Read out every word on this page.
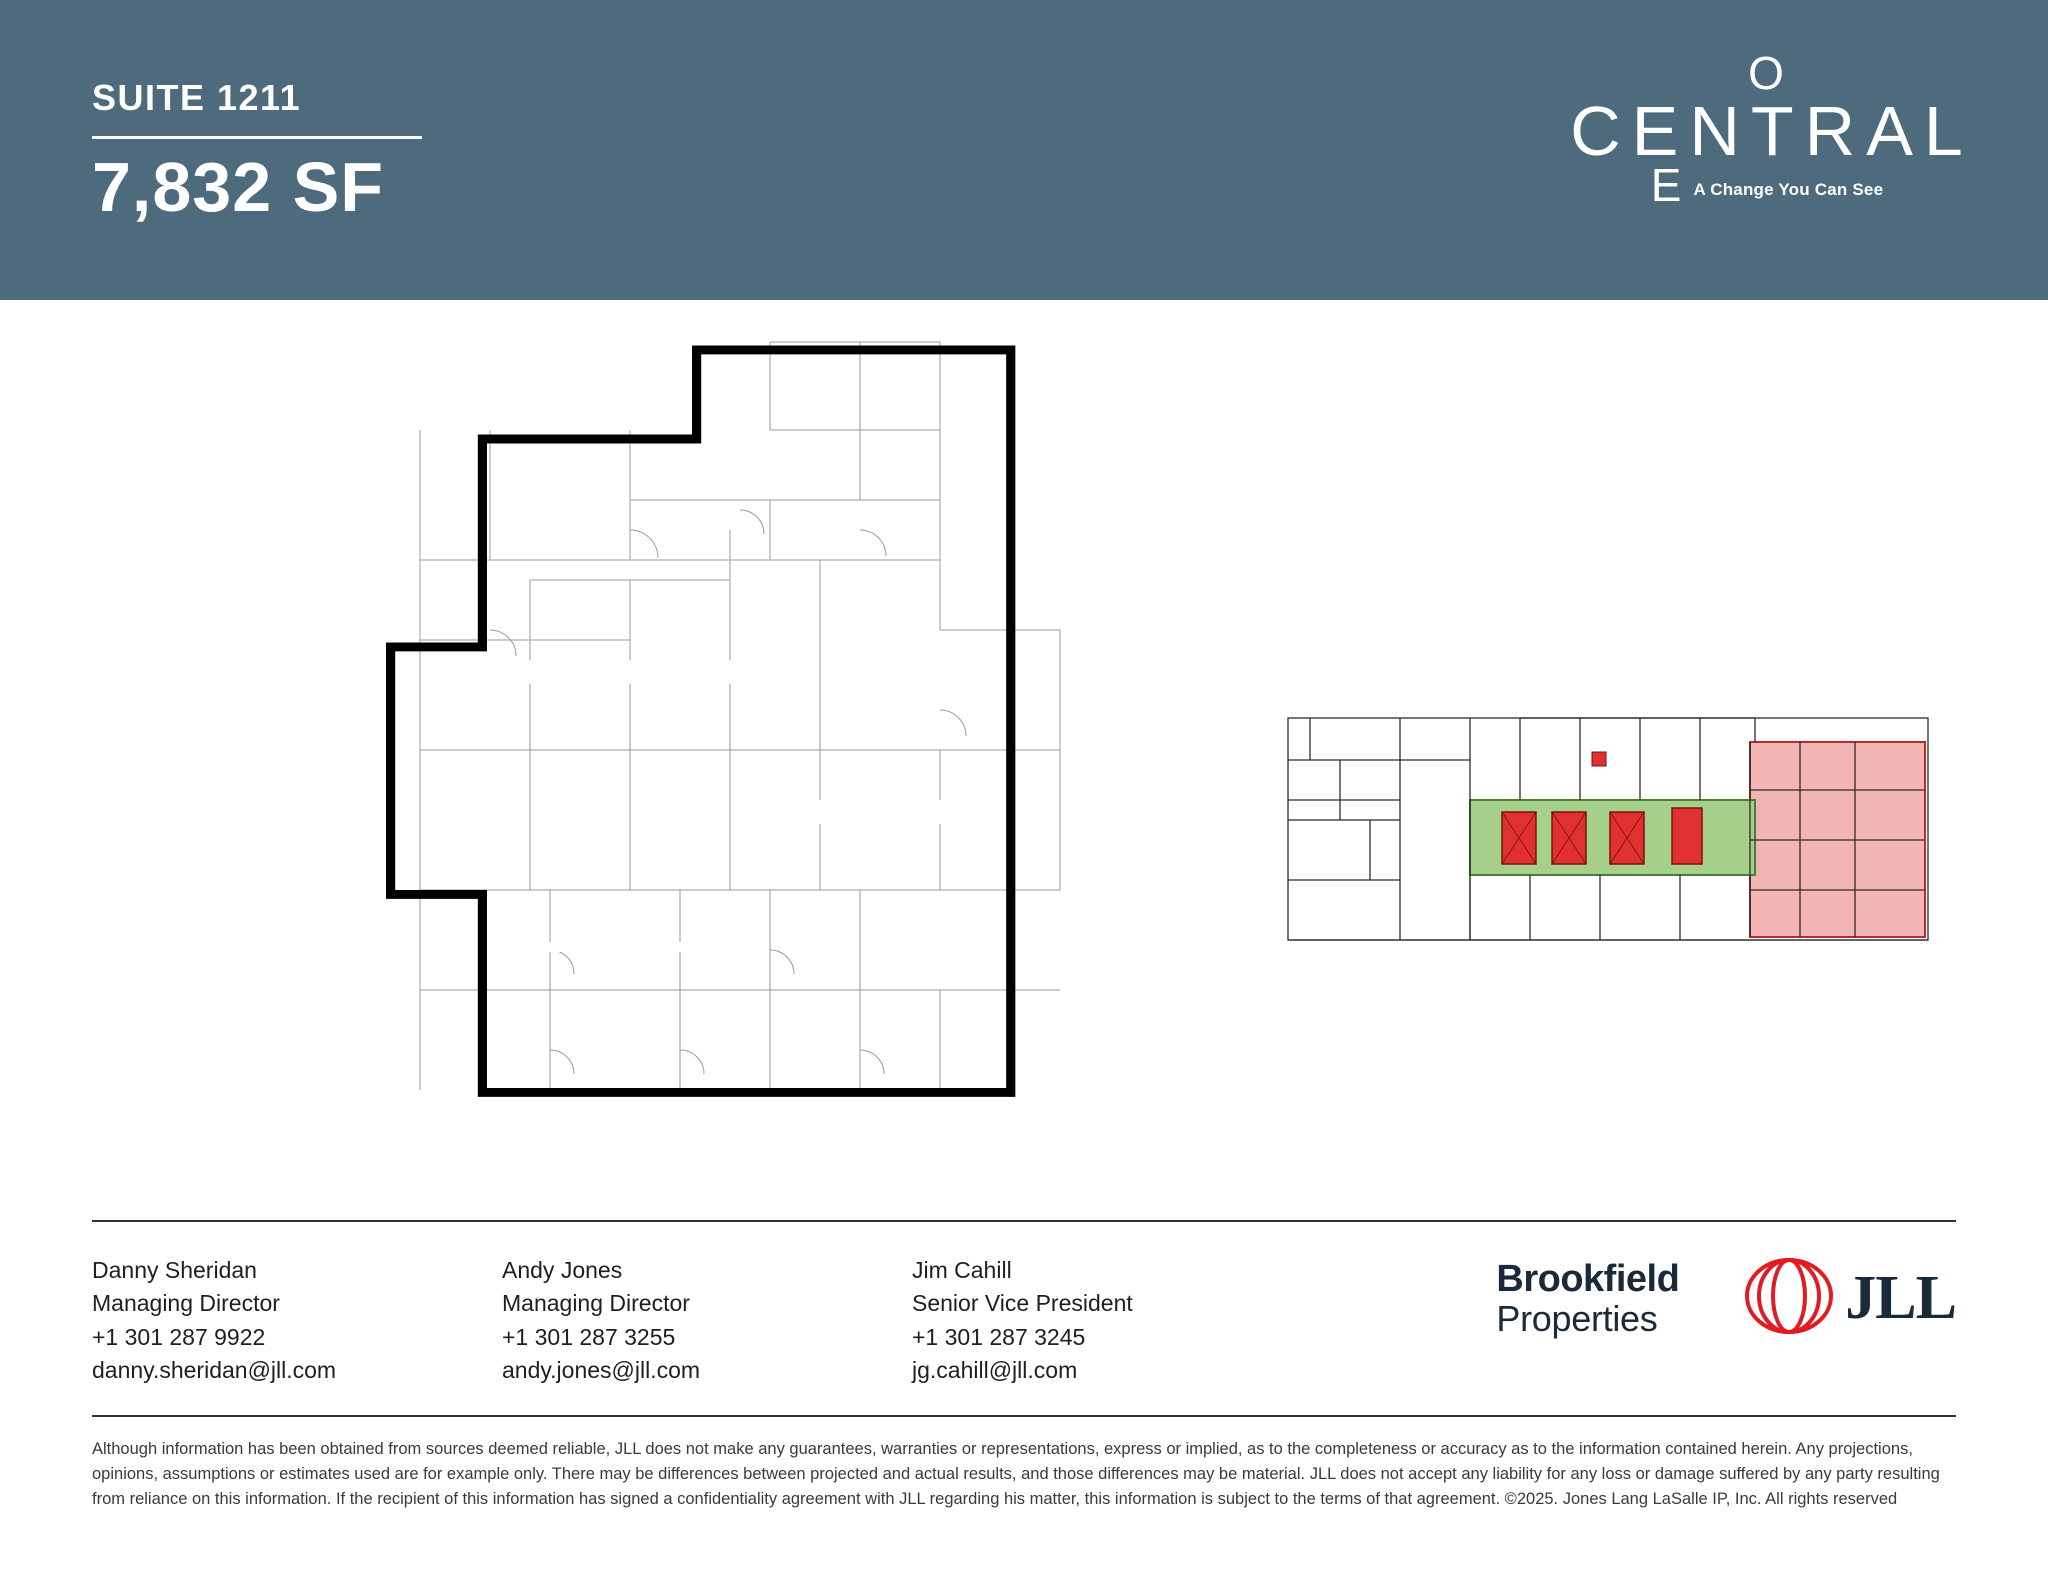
SUITE 1211
7,832 SF
O
CENTRAL
E A Change You Can See
Danny Sheridan
Managing Director
+1 301 287 9922
danny.sheridan@jll.com
Andy Jones
Managing Director
+1 301 287 3255
andy.jones@jll.com
Jim Cahill
Senior Vice President
+1 301 287 3245
jg.cahill@jll.com
Brookfield
Properties	JLL
Although information has been obtained from sources deemed reliable, JLL does not make any guarantees, warranties or representations, express or implied, as to the completeness or accuracy as to the information contained herein. Any projections, opinions, assumptions or estimates used are for example only. There may be differences between projected and actual results, and those differences may be material. JLL does not accept any liability for any loss or damage suffered by any party resulting from reliance on this information. If the recipient of this information has signed a confidentiality agreement with JLL regarding his matter, this information is subject to the terms of that agreement. ©2025. Jones Lang LaSalle IP, Inc. All rights reserved
